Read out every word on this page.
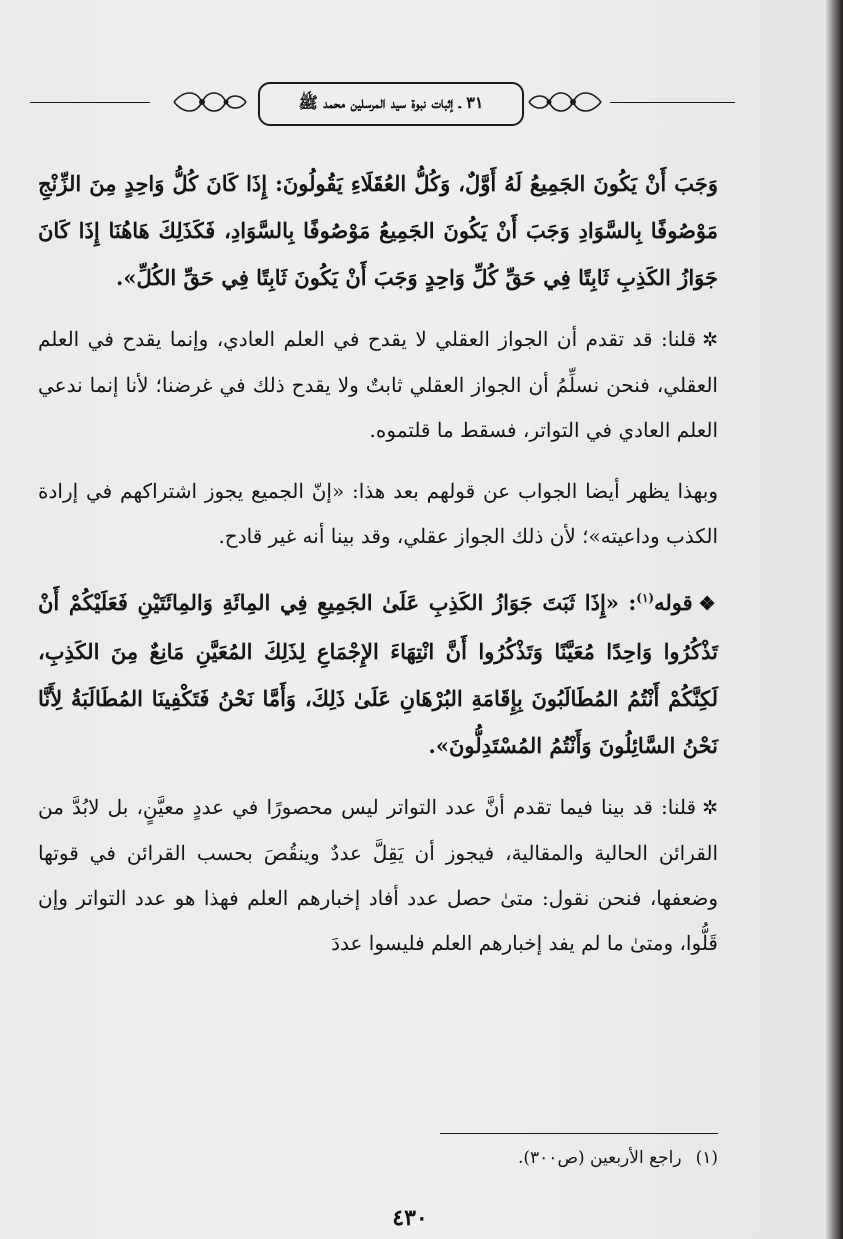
٣١ ـ إثبات نبوة سيد المرسلين محمد ﷺ

وَجَبَ أَنْ يَكُونَ الجَمِيعُ لَهُ أَوَّلٌ، وَكُلُّ العُقَلَاءِ يَقُولُونَ: إِذَا كَانَ كُلُّ وَاحِدٍ مِنَ الزِّنْجِ مَوْصُوفًا بِالسَّوَادِ وَجَبَ أَنْ يَكُونَ الجَمِيعُ مَوْصُوفًا بِالسَّوَادِ، فَكَذَلِكَ هَاهُنَا إِذَا كَانَ جَوَازُ الكَذِبِ ثَابِتًا فِي حَقِّ كُلِّ وَاحِدٍ وَجَبَ أَنْ يَكُونَ ثَابِتًا فِي حَقِّ الكُلِّ».

✲قلنا: قد تقدم أن الجواز العقلي لا يقدح في العلم العادي، وإنما يقدح في العلم العقلي، فنحن نسلِّمُ أن الجواز العقلي ثابتٌ ولا يقدح ذلك في غرضنا؛ لأنا إنما ندعي العلم العادي في التواتر، فسقط ما قلتموه.

وبهذا يظهر أيضا الجواب عن قولهم بعد هذا: «إنّ الجميع يجوز اشتراكهم في إرادة الكذب وداعيته»؛ لأن ذلك الجواز عقلي، وقد بينا أنه غير قادح.

❖قوله$^{(١)}$: «إِذَا ثَبَتَ جَوَازُ الكَذِبِ عَلَىٰ الجَمِيعِ فِي المِائَةِ وَالمِائَتَيْنِ فَعَلَيْكُمْ أَنْ تَذْكُرُوا وَاحِدًا مُعَيَّنًا وَتَذْكُرُوا أَنَّ انْتِهَاءَ الإِجْمَاعِ لِذَلِكَ المُعَيَّنِ مَانِعٌ مِنَ الكَذِبِ، لَكِنَّكُمْ أَنْتُمُ المُطَالَبُونَ بِإِقَامَةِ البُرْهَانِ عَلَىٰ ذَلِكَ، وَأَمَّا نَحْنُ فَتَكْفِينَا المُطَالَبَةُ لِأَنَّا نَحْنُ السَّائِلُونَ وَأَنْتُمُ المُسْتَدِلُّونَ».

✲قلنا: قد بينا فيما تقدم أنَّ عدد التواتر ليس محصورًا في عددٍ معيَّنٍ، بل لابُدَّ من القرائن الحالية والمقالية، فيجوز أن يَقِلَّ عددٌ وينقُصَ بحسب القرائن في قوتها وضعفها، فنحن نقول: متىٰ حصل عدد أفاد إخبارهم العلم فهذا هو عدد التواتر وإن قَلُّوا، ومتىٰ ما لم يفد إخبارهم العلم فليسوا عددَ

(١)راجع الأربعين (ص٣٠٠).
٤٣٠
